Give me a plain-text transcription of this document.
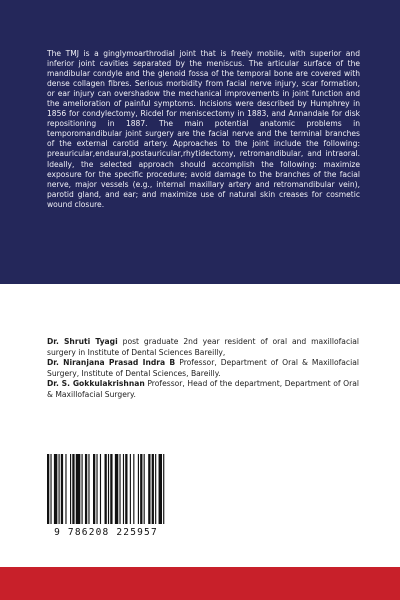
The TMJ is a ginglymoarthrodial joint that is freely mobile, with superior and inferior joint cavities separated by the meniscus. The articular surface of the mandibular condyle and the glenoid fossa of the temporal bone are covered with dense collagen fibres. Serious morbidity from facial nerve injury, scar formation, or ear injury can overshadow the mechanical improvements in joint function and the amelioration of painful symptoms. Incisions were described by Humphrey in 1856 for condylectomy, Ricdel for meniscectomy in 1883, and Annandale for disk repositioning in 1887. The main potential anatomic problems in temporomandibular joint surgery are the facial nerve and the terminal branches of the external carotid artery. Approaches to the joint include the following: preauricular,endaural,postauricular,rhytidectomy, retromandibular, and intraoral. Ideally, the selected approach should accomplish the following: maximize exposure for the specific procedure; avoid damage to the branches of the facial nerve, major vessels (e.g., internal maxillary artery and retromandibular vein), parotid gland, and ear; and maximize use of natural skin creases for cosmetic wound closure.

Dr. Shruti Tyagi post graduate 2nd year resident of oral and maxillofacial surgery in Institute of Dental Sciences Bareilly,

Dr. Niranjana Prasad Indra B Professor, Department of Oral & Maxillofacial Surgery, Institute of Dental Sciences, Bareilly.

Dr. S. Gokkulakrishnan Professor, Head of the department, Department of Oral & Maxillofacial Surgery.

9 786208 225957
